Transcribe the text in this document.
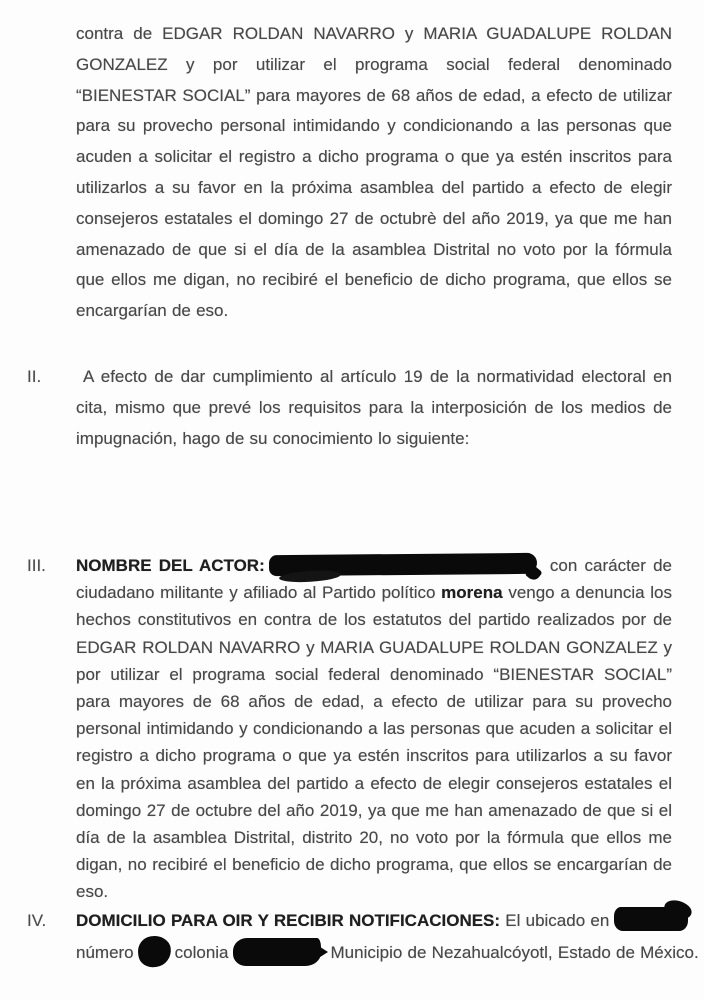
contra de EDGAR ROLDAN NAVARRO y MARIA GUADALUPE ROLDAN GONZALEZ y por utilizar el programa social federal denominado “BIENESTAR SOCIAL” para mayores de 68 años de edad, a efecto de utilizar para su provecho personal intimidando y condicionando a las personas que acuden a solicitar el registro a dicho programa o que ya estén inscritos para utilizarlos a su favor en la próxima asamblea del partido a efecto de elegir consejeros estatales el domingo 27 de octubrè del año 2019, ya que me han amenazado de que si el día de la asamblea Distrital no voto por la fórmula que ellos me digan, no recibiré el beneficio de dicho programa, que ellos se encargarían de eso.

II.	A efecto de dar cumplimiento al artículo 19 de la normatividad electoral en cita, mismo que prevé los requisitos para la interposición de los medios de impugnación, hago de su conocimiento lo siguiente:

III.	NOMBRE DEL ACTOR:	con carácter de ciudadano militante y afiliado al Partido político morena vengo a denuncia los hechos constitutivos en contra de los estatutos del partido realizados por de EDGAR ROLDAN NAVARRO y MARIA GUADALUPE ROLDAN GONZALEZ y por utilizar el programa social federal denominado “BIENESTAR SOCIAL” para mayores de 68 años de edad, a efecto de utilizar para su provecho personal intimidando y condicionando a las personas que acuden a solicitar el registro a dicho programa o que ya estén inscritos para utilizarlos a su favor en la próxima asamblea del partido a efecto de elegir consejeros estatales el domingo 27 de octubre del año 2019, ya que me han amenazado de que si el día de la asamblea Distrital, distrito 20, no voto por la fórmula que ellos me digan, no recibiré el beneficio de dicho programa, que ellos se encargarían de eso.

IV.	DOMICILIO PARA OIR Y RECIBIR NOTIFICACIONES: El ubicado en
número colonia	Municipio de Nezahualcóyotl, Estado de México.
